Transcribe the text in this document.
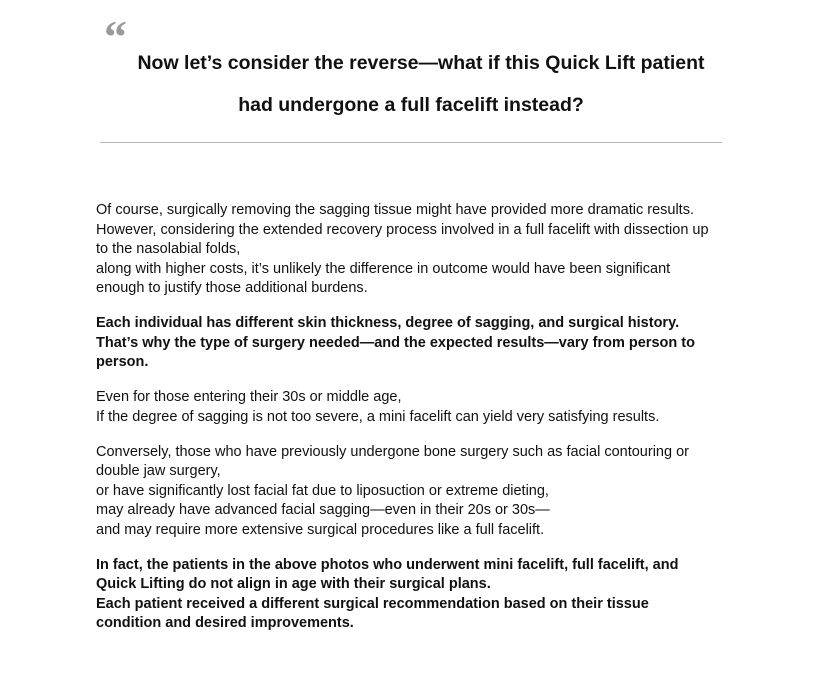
“
Now let’s consider the reverse—what if this Quick Lift patient
had undergone a full facelift instead?

Of course, surgically removing the sagging tissue might have provided more dramatic results.
However, considering the extended recovery process involved in a full facelift with dissection up
to the nasolabial folds,
along with higher costs, it’s unlikely the difference in outcome would have been significant
enough to justify those additional burdens.

Each individual has different skin thickness, degree of sagging, and surgical history.
That’s why the type of surgery needed—and the expected results—vary from person to
person.

Even for those entering their 30s or middle age,
If the degree of sagging is not too severe, a mini facelift can yield very satisfying results.

Conversely, those who have previously undergone bone surgery such as facial contouring or
double jaw surgery,
or have significantly lost facial fat due to liposuction or extreme dieting,
may already have advanced facial sagging—even in their 20s or 30s—
and may require more extensive surgical procedures like a full facelift.

In fact, the patients in the above photos who underwent mini facelift, full facelift, and
Quick Lifting do not align in age with their surgical plans.
Each patient received a different surgical recommendation based on their tissue
condition and desired improvements.
